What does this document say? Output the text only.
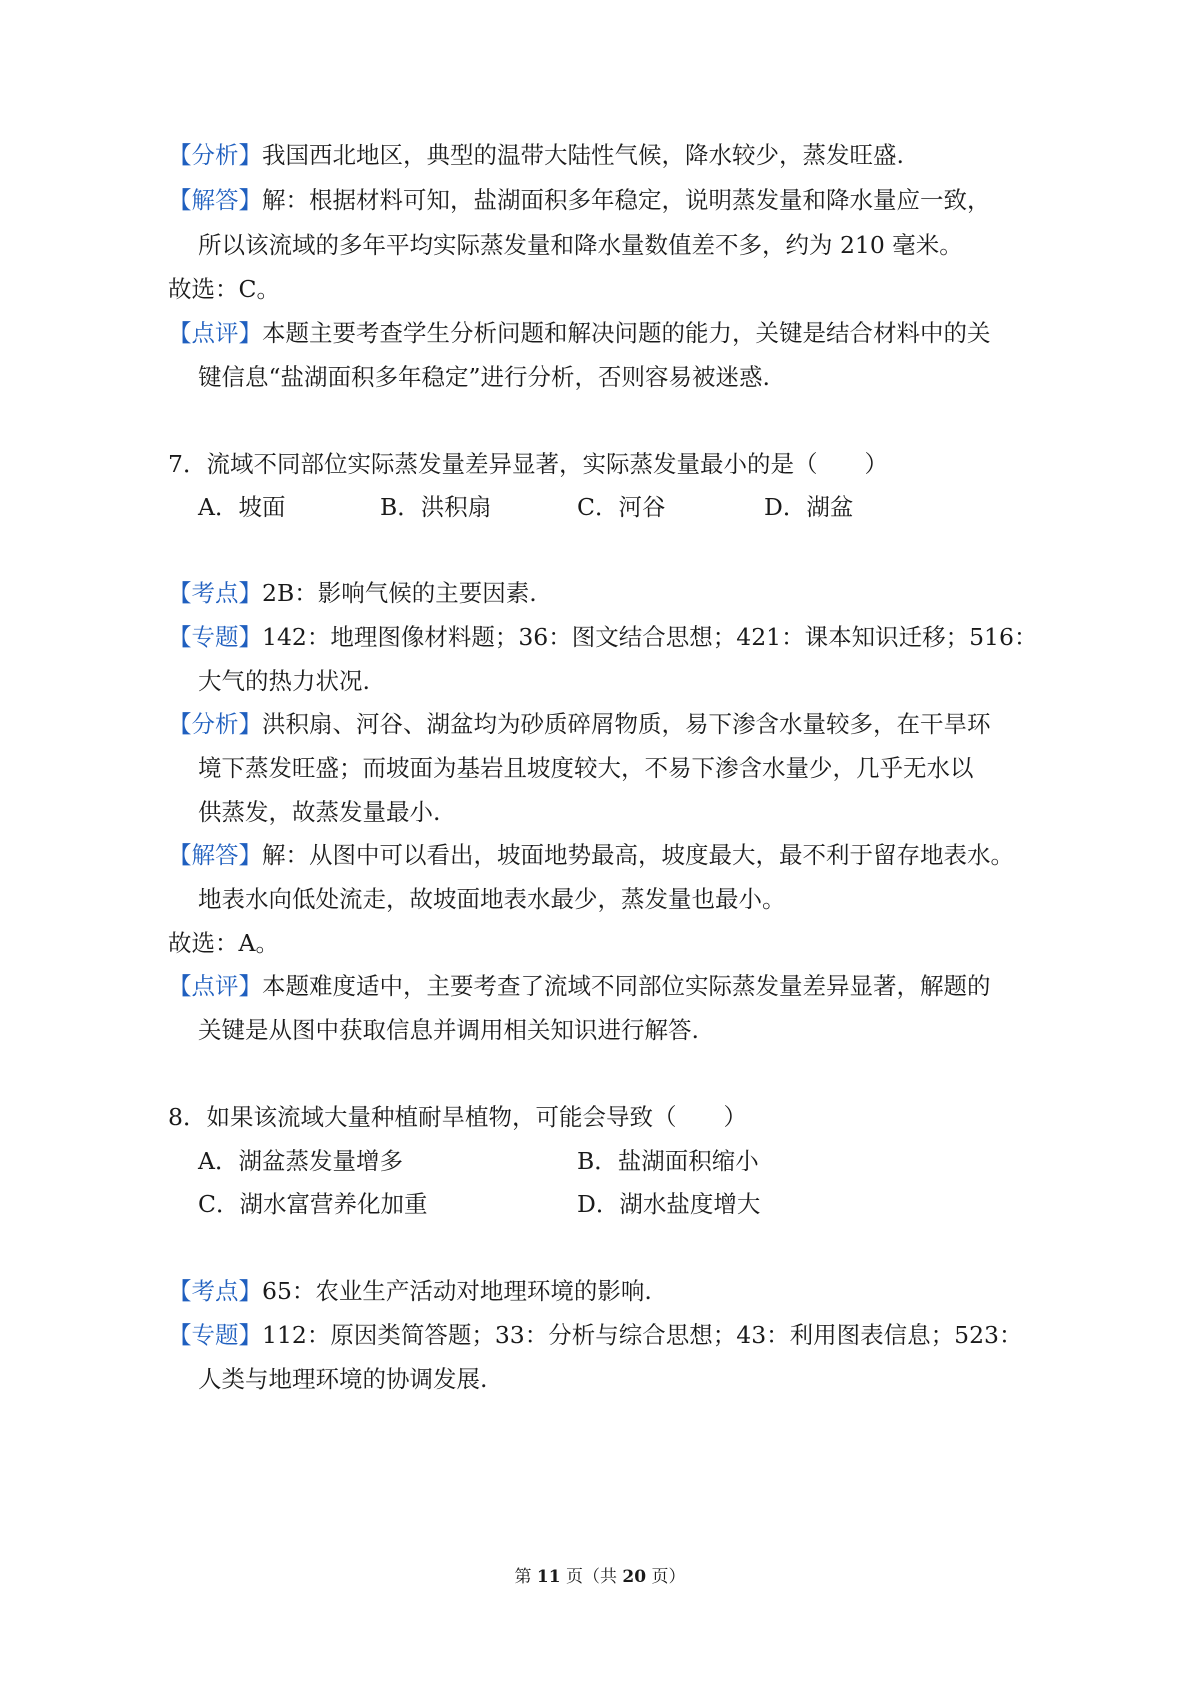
【分析】我国西北地区，典型的温带大陆性气候，降水较少，蒸发旺盛.
【解答】解：根据材料可知，盐湖面积多年稳定，说明蒸发量和降水量应一致，
所以该流域的多年平均实际蒸发量和降水量数值差不多，约为 210 毫米。
故选：C。
【点评】本题主要考查学生分析问题和解决问题的能力，关键是结合材料中的关
键信息“盐湖面积多年稳定”进行分析，否则容易被迷惑.
7．流域不同部位实际蒸发量差异显著，实际蒸发量最小的是（　　）
A．坡面	B．洪积扇	C．河谷	D．湖盆
【考点】2B：影响气候的主要因素.
【专题】142：地理图像材料题；36：图文结合思想；421：课本知识迁移；516：
大气的热力状况.
【分析】洪积扇、河谷、湖盆均为砂质碎屑物质，易下渗含水量较多，在干旱环
境下蒸发旺盛；而坡面为基岩且坡度较大，不易下渗含水量少，几乎无水以
供蒸发，故蒸发量最小.
【解答】解：从图中可以看出，坡面地势最高，坡度最大，最不利于留存地表水。
地表水向低处流走，故坡面地表水最少，蒸发量也最小。
故选：A。
【点评】本题难度适中，主要考查了流域不同部位实际蒸发量差异显著，解题的
关键是从图中获取信息并调用相关知识进行解答.
8．如果该流域大量种植耐旱植物，可能会导致（　　）
A．湖盆蒸发量增多	B．盐湖面积缩小
C．湖水富营养化加重	D．湖水盐度增大
【考点】65：农业生产活动对地理环境的影响.
【专题】112：原因类简答题；33：分析与综合思想；43：利用图表信息；523：
人类与地理环境的协调发展.
第 11 页（共 20 页）
